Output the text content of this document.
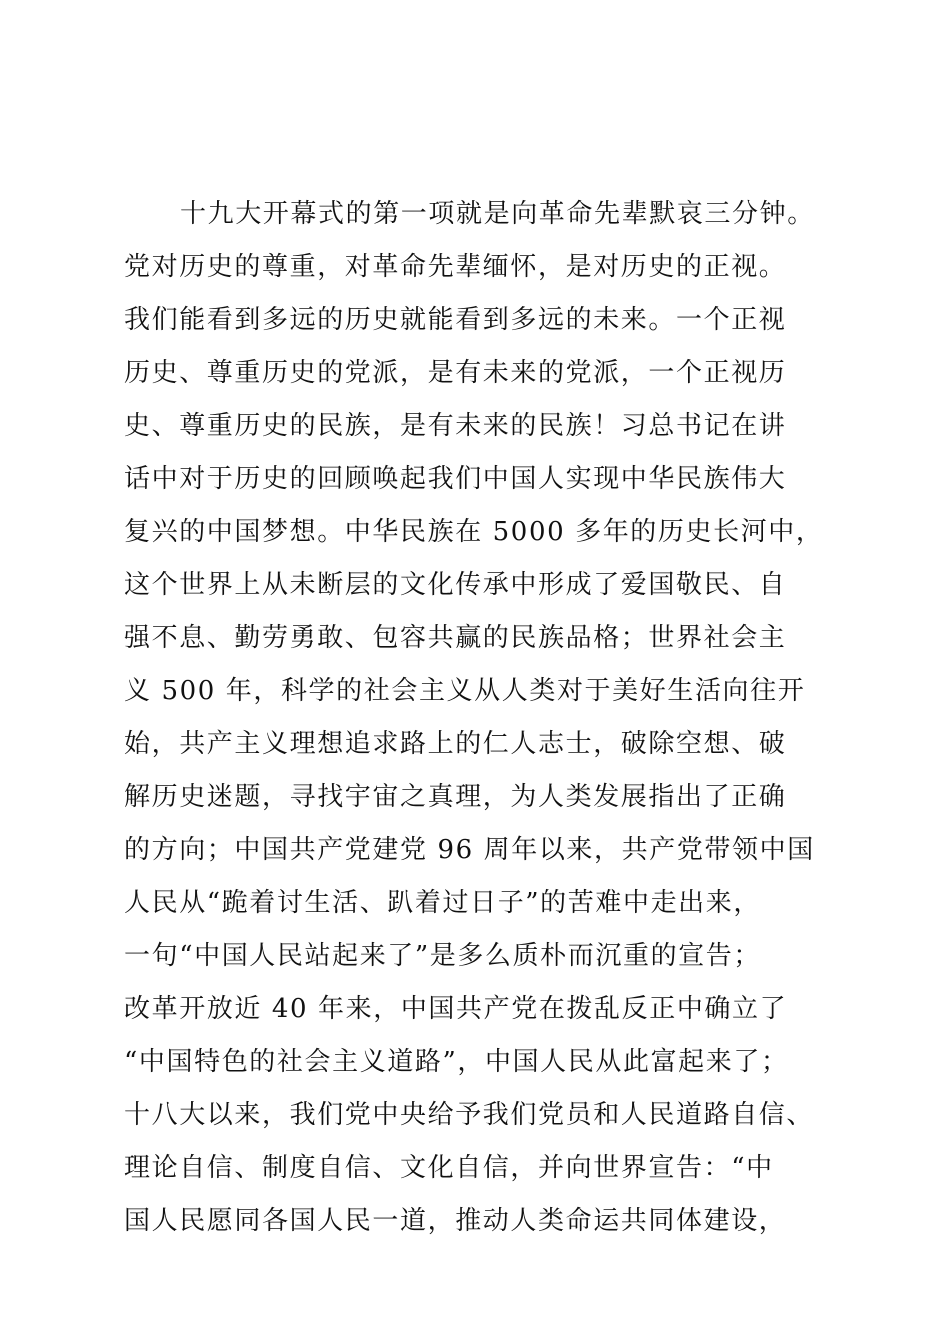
十九大开幕式的第一项就是向革命先辈默哀三分钟。
党对历史的尊重，对革命先辈缅怀，是对历史的正视。
我们能看到多远的历史就能看到多远的未来。一个正视
历史、尊重历史的党派，是有未来的党派，一个正视历
史、尊重历史的民族，是有未来的民族！习总书记在讲
话中对于历史的回顾唤起我们中国人实现中华民族伟大
复兴的中国梦想。中华民族在 5000 多年的历史长河中，
这个世界上从未断层的文化传承中形成了爱国敬民、自
强不息、勤劳勇敢、包容共赢的民族品格；世界社会主
义 500 年，科学的社会主义从人类对于美好生活向往开
始，共产主义理想追求路上的仁人志士，破除空想、破
解历史迷题，寻找宇宙之真理，为人类发展指出了正确
的方向；中国共产党建党 96 周年以来，共产党带领中国
人民从“跪着讨生活、趴着过日子”的苦难中走出来，
一句“中国人民站起来了”是多么质朴而沉重的宣告；
改革开放近 40 年来，中国共产党在拨乱反正中确立了
“中国特色的社会主义道路”，中国人民从此富起来了；
十八大以来，我们党中央给予我们党员和人民道路自信、
理论自信、制度自信、文化自信，并向世界宣告：“中
国人民愿同各国人民一道，推动人类命运共同体建设，
